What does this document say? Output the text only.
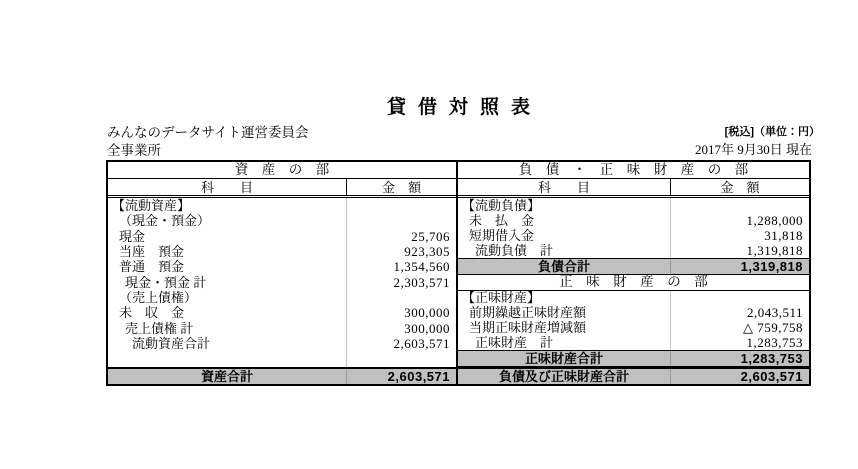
貸借対照表
みんなのデータサイト運営委員会
全事業所
[税込]（単位：円）
2017年 9月30日 現在
資　産　の　部
科　　目	金　額
【流動資産】
（現金・預金）
現金	25,706
当座　預金	923,305
普通　預金	1,354,560
現金・預金 計	2,303,571
（売上債権）
未　収　金	300,000
売上債権 計	300,000
流動資産合計	2,603,571
資産合計	2,603,571
負　債　・　正　味　財　産　の　部
科　　目	金　額
【流動負債】
未　払　金	1,288,000
短期借入金	31,818
流動負債　計	1,319,818
負債合計	1,319,818
正　味　財　産　の　部
【正味財産】
前期繰越正味財産額	2,043,511
当期正味財産増減額	△ 759,758
正味財産　計	1,283,753
正味財産合計	1,283,753
負債及び正味財産合計	2,603,571
